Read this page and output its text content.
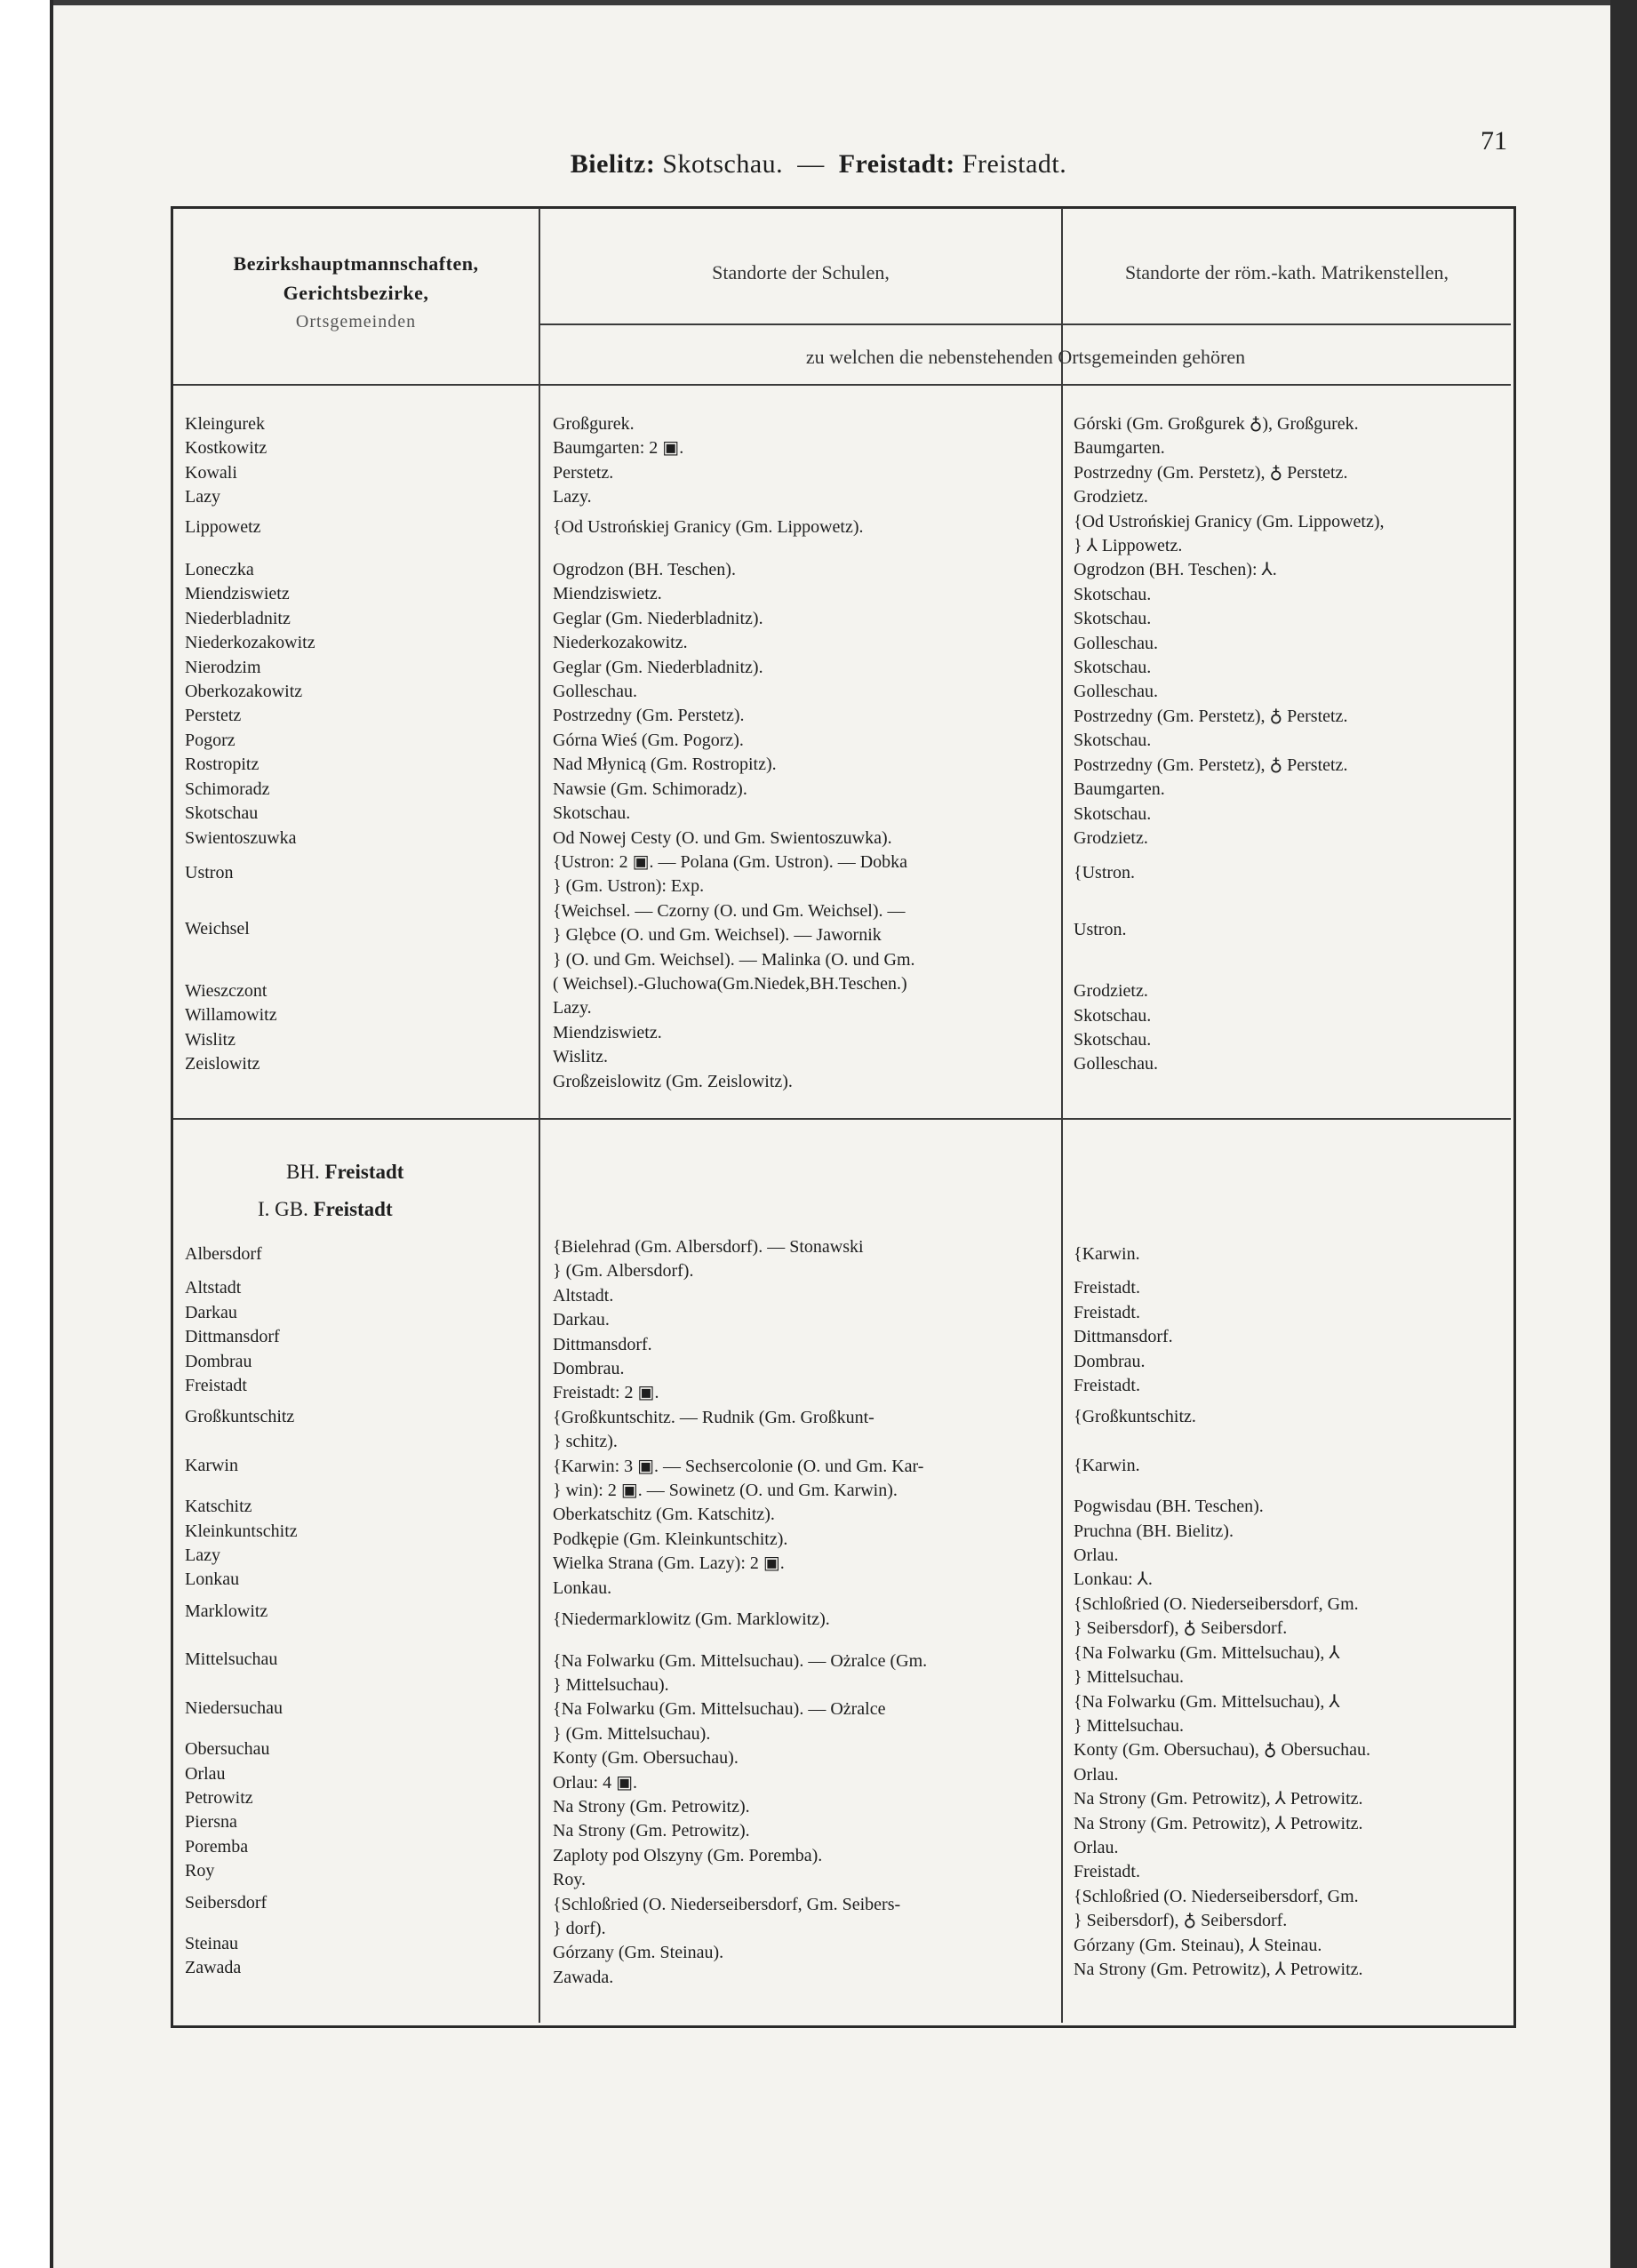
Bielitz: Skotschau. — Freistadt: Freistadt.
71
Bezirkshauptmannschaften,
Gerichtsbezirke,
Ortsgemeinden
Standorte der Schulen,	Standorte der röm.-kath. Matrikenstellen,
zu welchen die nebenstehenden Ortsgemeinden gehören
Kleingurek
Kostkowitz
Kowali
Lazy
Lippowetz
Loneczka
Miendziswietz
Niederbladnitz
Niederkozakowitz
Nierodzim
Oberkozakowitz
Perstetz
Pogorz
Rostropitz
Schimoradz
Skotschau
Swientoszuwka
Ustron
Weichsel
Wieszczont
Willamowitz
Wislitz
Zeislowitz
Großgurek.
Baumgarten: 2 ▣.
Perstetz.
Lazy.
{Od Ustrońskiej Granicy (Gm. Lippowetz).
Ogrodzon (BH. Teschen).
Miendziswietz.
Geglar (Gm. Niederbladnitz).
Niederkozakowitz.
Geglar (Gm. Niederbladnitz).
Golleschau.
Postrzedny (Gm. Perstetz).
Górna Wieś (Gm. Pogorz).
Nad Młynicą (Gm. Rostropitz).
Nawsie (Gm. Schimoradz).
Skotschau.
Od Nowej Cesty (O. und Gm. Swientoszuwka).
{Ustron: 2 ▣. — Polana (Gm. Ustron). — Dobka
} (Gm. Ustron): Exp.
{Weichsel. — Czorny (O. und Gm. Weichsel). —
} Glębce (O. und Gm. Weichsel). — Jawornik
} (O. und Gm. Weichsel). — Malinka (O. und Gm.
( Weichsel).-Gluchowa(Gm.Niedek,BH.Teschen.)
Lazy.
Miendziswietz.
Wislitz.
Großzeislowitz (Gm. Zeislowitz).
Górski (Gm. Großgurek ♁), Großgurek.
Baumgarten.
Postrzedny (Gm. Perstetz), ♁ Perstetz.
Grodzietz.
{Od Ustrońskiej Granicy (Gm. Lippowetz),
} ⅄ Lippowetz.
Ogrodzon (BH. Teschen): ⅄.
Skotschau.
Skotschau.
Golleschau.
Skotschau.
Golleschau.
Postrzedny (Gm. Perstetz), ♁ Perstetz.
Skotschau.
Postrzedny (Gm. Perstetz), ♁ Perstetz.
Baumgarten.
Skotschau.
Grodzietz.
{Ustron.
Ustron.
Grodzietz.
Skotschau.
Skotschau.
Golleschau.
BH. Freistadt
I. GB. Freistadt
Albersdorf
Altstadt
Darkau
Dittmansdorf
Dombrau
Freistadt
Großkuntschitz
Karwin
Katschitz
Kleinkuntschitz
Lazy
Lonkau
Marklowitz
Mittelsuchau
Niedersuchau
Obersuchau
Orlau
Petrowitz
Piersna
Poremba
Roy
Seibersdorf
Steinau
Zawada
{Bielehrad (Gm. Albersdorf). — Stonawski
} (Gm. Albersdorf).
Altstadt.
Darkau.
Dittmansdorf.
Dombrau.
Freistadt: 2 ▣.
{Großkuntschitz. — Rudnik (Gm. Großkunt-
} schitz).
{Karwin: 3 ▣. — Sechsercolonie (O. und Gm. Kar-
} win): 2 ▣. — Sowinetz (O. und Gm. Karwin).
Oberkatschitz (Gm. Katschitz).
Podkępie (Gm. Kleinkuntschitz).
Wielka Strana (Gm. Lazy): 2 ▣.
Lonkau.
{Niedermarklowitz (Gm. Marklowitz).
{Na Folwarku (Gm. Mittelsuchau). — Ożralce (Gm.
} Mittelsuchau).
{Na Folwarku (Gm. Mittelsuchau). — Ożralce
} (Gm. Mittelsuchau).
Konty (Gm. Obersuchau).
Orlau: 4 ▣.
Na Strony (Gm. Petrowitz).
Na Strony (Gm. Petrowitz).
Zaploty pod Olszyny (Gm. Poremba).
Roy.
{Schloßried (O. Niederseibersdorf, Gm. Seibers-
} dorf).
Górzany (Gm. Steinau).
Zawada.
{Karwin.
Freistadt.
Freistadt.
Dittmansdorf.
Dombrau.
Freistadt.
{Großkuntschitz.
{Karwin.
Pogwisdau (BH. Teschen).
Pruchna (BH. Bielitz).
Orlau.
Lonkau: ⅄.
{Schloßried (O. Niederseibersdorf, Gm.
} Seibersdorf), ♁ Seibersdorf.
{Na Folwarku (Gm. Mittelsuchau), ⅄
} Mittelsuchau.
{Na Folwarku (Gm. Mittelsuchau), ⅄
} Mittelsuchau.
Konty (Gm. Obersuchau), ♁ Obersuchau.
Orlau.
Na Strony (Gm. Petrowitz), ⅄ Petrowitz.
Na Strony (Gm. Petrowitz), ⅄ Petrowitz.
Orlau.
Freistadt.
{Schloßried (O. Niederseibersdorf, Gm.
} Seibersdorf), ♁ Seibersdorf.
Górzany (Gm. Steinau), ⅄ Steinau.
Na Strony (Gm. Petrowitz), ⅄ Petrowitz.
